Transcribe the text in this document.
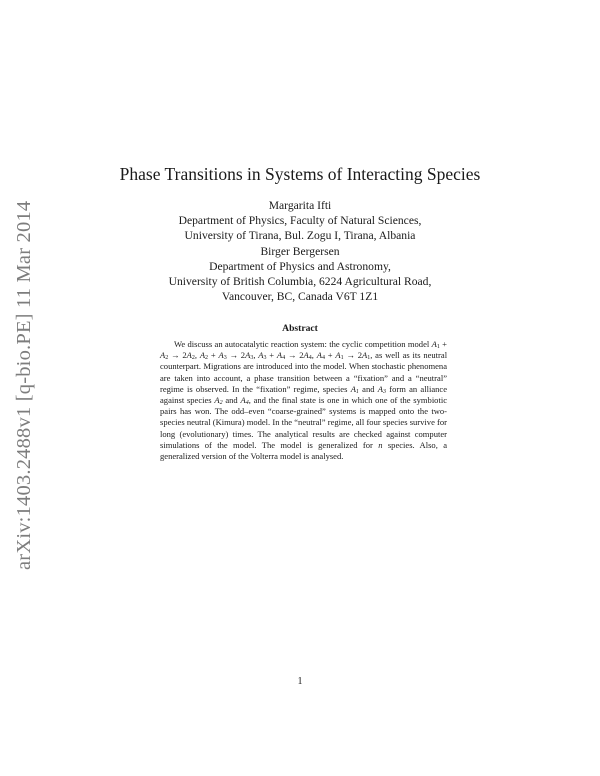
arXiv:1403.2488v1 [q-bio.PE] 11 Mar 2014
Phase Transitions in Systems of Interacting Species
Margarita Ifti
Department of Physics, Faculty of Natural Sciences,
University of Tirana, Bul. Zogu I, Tirana, Albania
Birger Bergersen
Department of Physics and Astronomy,
University of British Columbia, 6224 Agricultural Road,
Vancouver, BC, Canada V6T 1Z1
Abstract
We discuss an autocatalytic reaction system: the cyclic competition model $A_1 + A_2 \to 2A_2$, $A_2 + A_3 \to 2A_3$, $A_3 + A_4 \to 2A_4$, $A_4 + A_1 \to 2A_1$, as well as its neutral counterpart. Migrations are introduced into the model. When stochastic phenomena are taken into account, a phase transition between a “fixation” and a “neutral” regime is observed. In the “fixation” regime, species $A_1$ and $A_3$ form an alliance against species $A_2$ and $A_4$, and the final state is one in which one of the symbiotic pairs has won. The odd–even “coarse-grained” systems is mapped onto the two-species neutral (Kimura) model. In the “neutral” regime, all four species survive for long (evolutionary) times. The analytical results are checked against computer simulations of the model. The model is generalized for n species. Also, a generalized version of the Volterra model is analysed.
1
